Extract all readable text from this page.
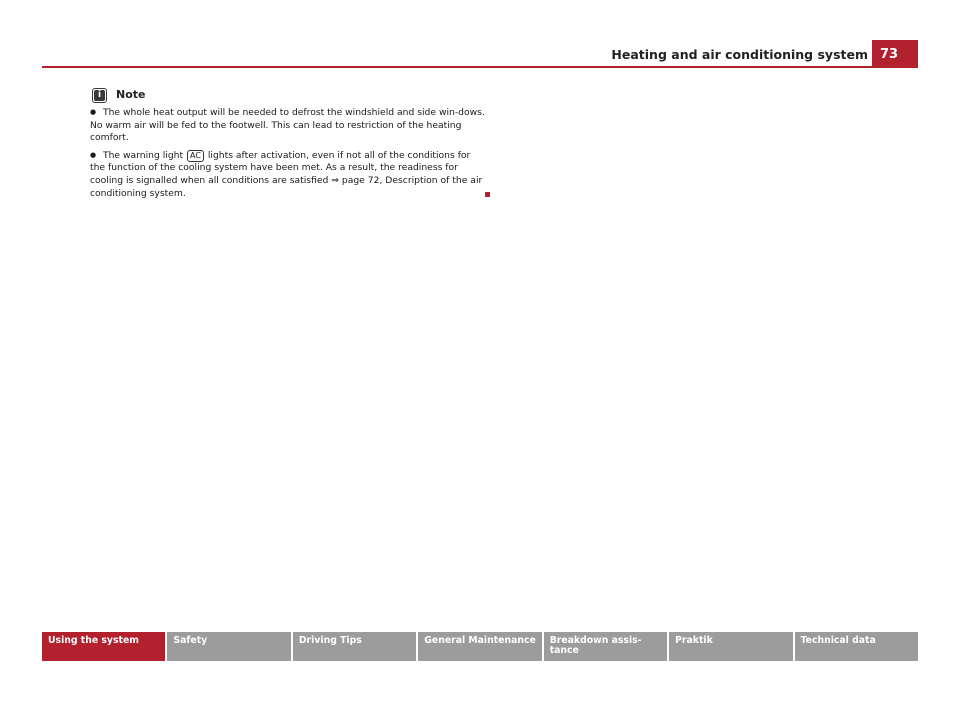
Heating and air conditioning system 73
i	Note

● The whole heat output will be needed to defrost the windshield and side win-dows. No warm air will be fed to the footwell. This can lead to restriction of the heating comfort.

● The warning light AC lights after activation, even if not all of the conditions for the function of the cooling system have been met. As a result, the readiness for cooling is signalled when all conditions are satisfied ⇒ page 72, Description of the air conditioning system.

Using the system	Safety	Driving Tips	General Maintenance	Breakdown assis-tance
Praktik	Technical data
